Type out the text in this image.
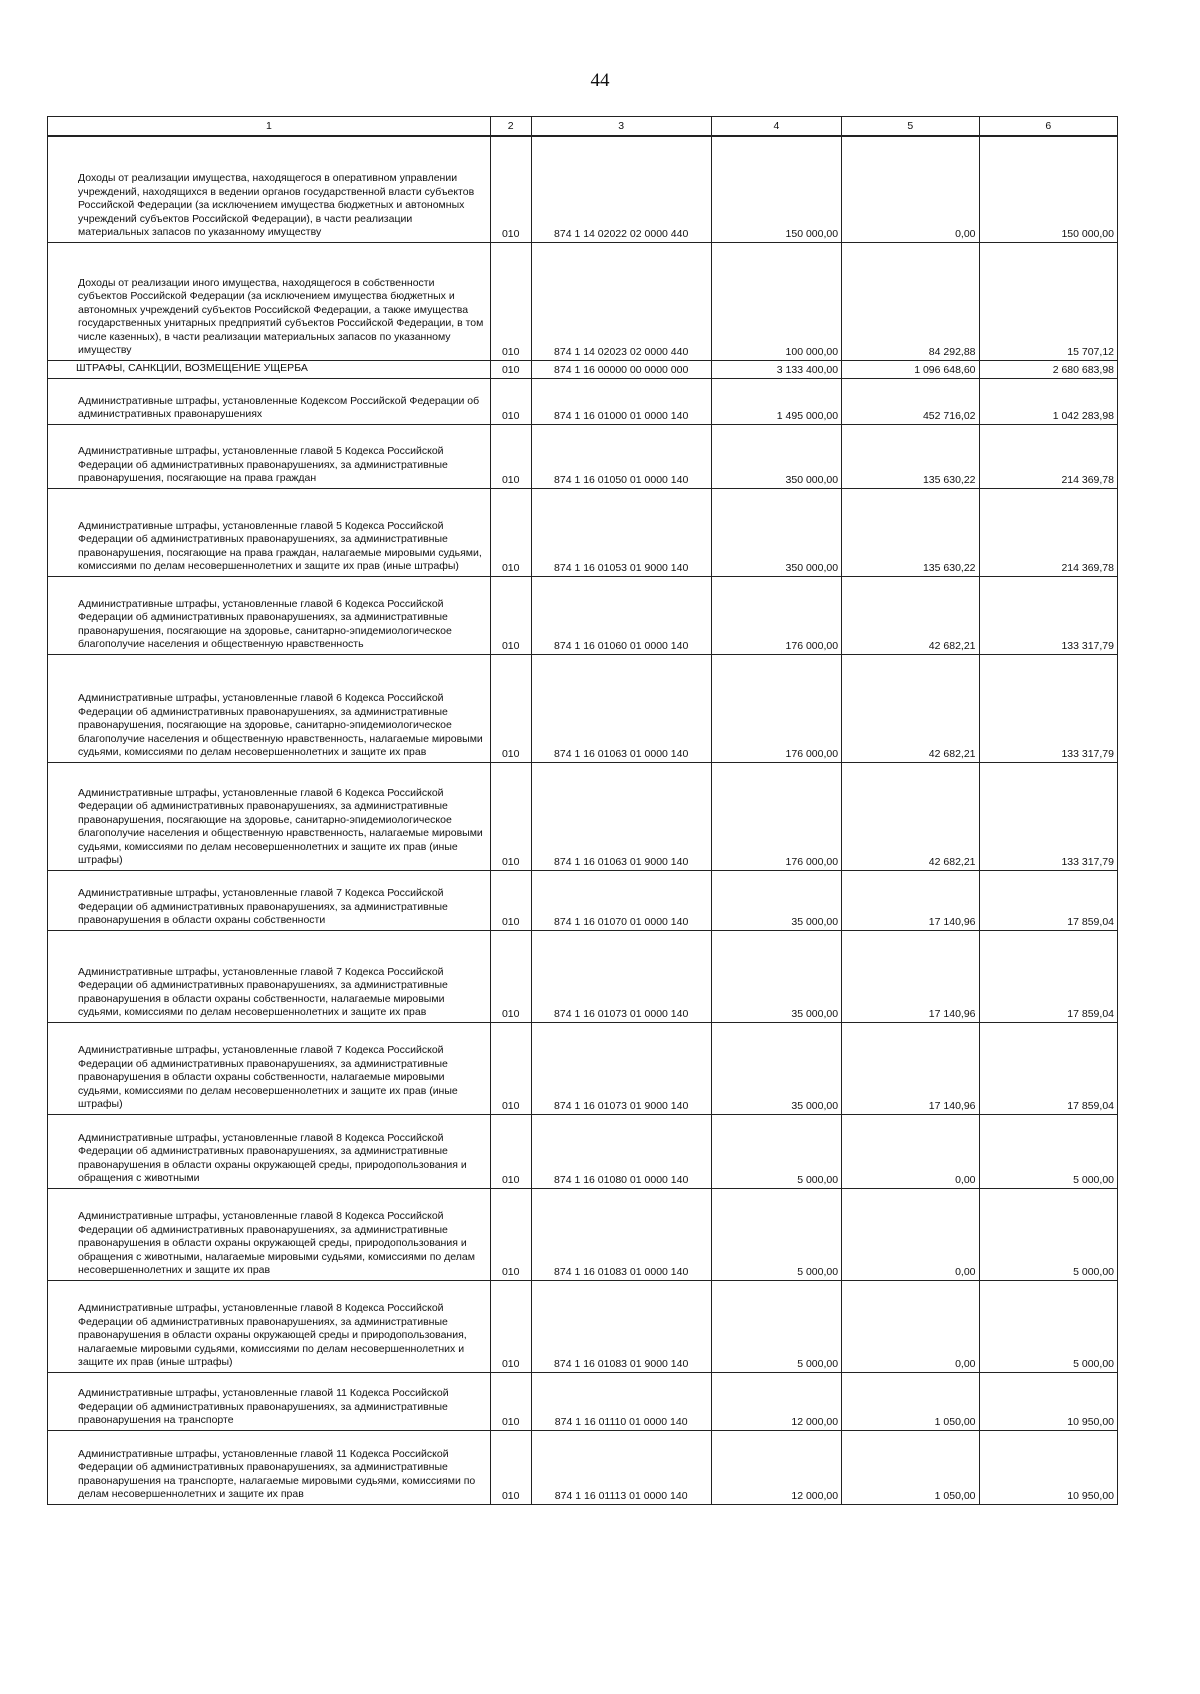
44
1	2	3	4	5	6
Доходы от реализации имущества, находящегося в оперативном управлении учреждений, находящихся в ведении органов государственной власти субъектов Российской Федерации (за исключением имущества бюджетных и автономных учреждений субъектов Российской Федерации), в части реализации материальных запасов по указанному имуществу	010	874 1 14 02022 02 0000 440	150 000,00	0,00	150 000,00
Доходы от реализации иного имущества, находящегося в собственности субъектов Российской Федерации (за исключением имущества бюджетных и автономных учреждений субъектов Российской Федерации, а также имущества государственных унитарных предприятий субъектов Российской Федерации, в том числе казенных), в части реализации материальных запасов по указанному имуществу	010	874 1 14 02023 02 0000 440	100 000,00	84 292,88	15 707,12
ШТРАФЫ, САНКЦИИ, ВОЗМЕЩЕНИЕ УЩЕРБА	010	874 1 16 00000 00 0000 000	3 133 400,00	1 096 648,60	2 680 683,98
Административные штрафы, установленные Кодексом Российской Федерации об административных правонарушениях	010	874 1 16 01000 01 0000 140	1 495 000,00	452 716,02	1 042 283,98
Административные штрафы, установленные главой 5 Кодекса Российской Федерации об административных правонарушениях, за административные правонарушения, посягающие на права граждан	010	874 1 16 01050 01 0000 140	350 000,00	135 630,22	214 369,78
Административные штрафы, установленные главой 5 Кодекса Российской Федерации об административных правонарушениях, за административные правонарушения, посягающие на права граждан, налагаемые мировыми судьями, комиссиями по делам несовершеннолетних и защите их прав (иные штрафы)	010	874 1 16 01053 01 9000 140	350 000,00	135 630,22	214 369,78
Административные штрафы, установленные главой 6 Кодекса Российской Федерации об административных правонарушениях, за административные правонарушения, посягающие на здоровье, санитарно-эпидемиологическое благополучие населения и общественную нравственность	010	874 1 16 01060 01 0000 140	176 000,00	42 682,21	133 317,79
Административные штрафы, установленные главой 6 Кодекса Российской Федерации об административных правонарушениях, за административные правонарушения, посягающие на здоровье, санитарно-эпидемиологическое благополучие населения и общественную нравственность, налагаемые мировыми судьями, комиссиями по делам несовершеннолетних и защите их прав	010	874 1 16 01063 01 0000 140	176 000,00	42 682,21	133 317,79
Административные штрафы, установленные главой 6 Кодекса Российской Федерации об административных правонарушениях, за административные правонарушения, посягающие на здоровье, санитарно-эпидемиологическое благополучие населения и общественную нравственность, налагаемые мировыми судьями, комиссиями по делам несовершеннолетних и защите их прав (иные штрафы)	010	874 1 16 01063 01 9000 140	176 000,00	42 682,21	133 317,79
Административные штрафы, установленные главой 7 Кодекса Российской Федерации об административных правонарушениях, за административные правонарушения в области охраны собственности	010	874 1 16 01070 01 0000 140	35 000,00	17 140,96	17 859,04
Административные штрафы, установленные главой 7 Кодекса Российской Федерации об административных правонарушениях, за административные правонарушения в области охраны собственности, налагаемые мировыми судьями, комиссиями по делам несовершеннолетних и защите их прав	010	874 1 16 01073 01 0000 140	35 000,00	17 140,96	17 859,04
Административные штрафы, установленные главой 7 Кодекса Российской Федерации об административных правонарушениях, за административные правонарушения в области охраны собственности, налагаемые мировыми судьями, комиссиями по делам несовершеннолетних и защите их прав (иные штрафы)	010	874 1 16 01073 01 9000 140	35 000,00	17 140,96	17 859,04
Административные штрафы, установленные главой 8 Кодекса Российской Федерации об административных правонарушениях, за административные правонарушения в области охраны окружающей среды, природопользования и обращения с животными	010	874 1 16 01080 01 0000 140	5 000,00	0,00	5 000,00
Административные штрафы, установленные главой 8 Кодекса Российской Федерации об административных правонарушениях, за административные правонарушения в области охраны окружающей среды, природопользования и обращения с животными, налагаемые мировыми судьями, комиссиями по делам несовершеннолетних и защите их прав	010	874 1 16 01083 01 0000 140	5 000,00	0,00	5 000,00
Административные штрафы, установленные главой 8 Кодекса Российской Федерации об административных правонарушениях, за административные правонарушения в области охраны окружающей среды и природопользования, налагаемые мировыми судьями, комиссиями по делам несовершеннолетних и защите их прав (иные штрафы)	010	874 1 16 01083 01 9000 140	5 000,00	0,00	5 000,00
Административные штрафы, установленные главой 11 Кодекса Российской Федерации об административных правонарушениях, за административные правонарушения на транспорте	010	874 1 16 01110 01 0000 140	12 000,00	1 050,00	10 950,00
Административные штрафы, установленные главой 11 Кодекса Российской Федерации об административных правонарушениях, за административные правонарушения на транспорте, налагаемые мировыми судьями, комиссиями по делам несовершеннолетних и защите их прав	010	874 1 16 01113 01 0000 140	12 000,00	1 050,00	10 950,00
